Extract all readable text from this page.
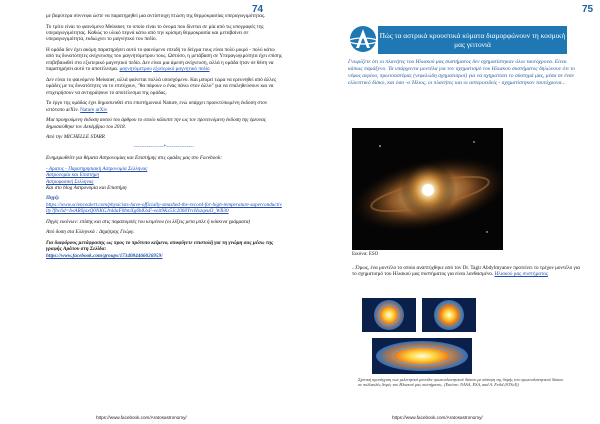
74

με βαρύτερα σύννεφα ώστε να παρατηρηθεί μια αντίστοιχη πτώση της θερμοκρασίας υπεραγωγιμότητας.

Το τρίτο είναι το φαινόμενο Meissner, το οποίο είναι το όνομα που δίνεται σε μία από τις υπογραφές της υπεραγωγιμότητας. Καθώς το υλικό περνά κάτω από την κρίσιμη θερμοκρασία και μεταβαίνει σε υπεραγωγιμότητα, εκδιώχνει το μαγνητικό του πεδίο.

Η ομάδα δεν έχει ακόμη παρατηρήσει αυτό το φαινόμενο επειδή το δείγμα τους είναι πολύ μικρό - πολύ κάτω από τις δυνατότητες ανίχνευσης του μαγνητόμετρου τους. Ωστόσο, η μετάβαση σε Υπεραγωγιμότητα έχει επίσης επιβεβαιωθεί στο εξωτερικό μαγνητικό πεδίο. Δεν είναι μια άμεση ανίχνευση, αλλά η ομάδα ήταν σε θέση να παρατηρήσει αυτό το αποτέλεσμα. μαγνητόμετρου εξωτερικό μαγνητικό πεδίο

Δεν είναι το φαινόμενο Meissner, αλλά φαίνεται πολλά υποσχόμενο. Και μπορεί τώρα να ερευνηθεί από άλλες ομάδες με τις δυνατότητες να το επιτύχουν, "θα πάρουν ο ένας πάνω στον άλλο" για να επαληθεύσουν και να επιχειρήσουν να αντιγράψουν το αποτέλεσμα της ομάδας.

Το έργο της ομάδας έχει δημοσιευθεί στο επιστήμονικό Nature, ενώ υπάρχει προεκτύπωμένη έκδοση στον ιστότοπο arXiv. Nature arXiv

Μια προηγούμενη έκδοση αυτού του άρθρου το οποίο κάλυπτε την ως τον προτεινόμενη έκδοση της έρευνας δημοσιεύθηκε τον Δεκέμβριο του 2018.

Από την MICHELLE STARR

----------------*---------------

Ενημερωθείτε για θέματα Αστρονομίας και Επιστήμης στις ομάδες μας στο Facebook:

- Αρατος - Παρατηρησιακή Αστρονομία Σελληνας
Αστρονομία και Επιστήμη
Αστροφυσική Σελληνας
Και στο blog Αστρονομία και Επιστήμη

Πηγή:
https://www.sciencealert.com/physicists-have-officially-smashed-the-record-for-high-temperature-superconductivity?fbclid=IwAR0jaxQ0NKGJrddaF0bmXg6h83sF-eoit9Kz5Jc2060YrcHxzqeuO_WR30

Πηγές εικόνων: επίσης και στις παραπομπές του κειμένου (οι λέξεις μετα μπλε ή κόκκινα γράμματα)

Από δοση στα Ελληνικά : Δημήτρης Γεώργ.

Για διαφόρους μετάφρασης ως προς το πρότυπο κείμενο, αποφύγετε επιστολή για τη γνώμη σας μέσω της γραφής Αράτου στη Σελίδα:
https://www.facebook.com/groups/1734084466026959/

https://www.facebook.com/Aratosastronomy/
75
Πώς τα αστρικά κρουστικά κύματα διαμορφώνουν τη κοσμική μας γειτονιά
Γνωρίζετε ότι οι πλανήτες του Ηλιακού μας συστήματος δεν σχηματίστηκαν όλοι ταυτόχρονα. Είναι κάπως παράξενο. Τα υπάρχοντα μοντέλα για τον σχηματισμό του Ηλιακού συστήματος δηλώνουν ότι το νέφος αερίου, πρωτοαστέρας (νεφελώδη σχηματισμοί) για να σχηματίσει το σύστημά μας, μέσα σε έναν ελλειπτικό δίσκο, και όσο -ο Ήλιος, οι πλανήτες και οι αστεροειδείς - σχηματίστηκαν ταυτόχρονα...
Εικόνα: ESO
...Όμως, ένα μοντέλο το οποίο αναπτύχθηκε από τον Dr. Tagir Abdylmyanov προτείνει το τρέχον μοντέλο για το σχηματισμό του Ηλιακού μας συστήματος για είναι λανθασμένο. Ηλιακού μας συστήματος
Σχετική προσέγγιση των μελετητικά μοντέλα πρωτοπλανητικού δίσκου με κάτοψη της δομής του πρωτοπλανητικού δίσκου σε πολλαπλές δομές του Ηλιακού μας συστήματος. (Εικόνα: NASA, ESA, and A. Feild (STScI))
https://www.facebook.com/Aratosastronomy/
